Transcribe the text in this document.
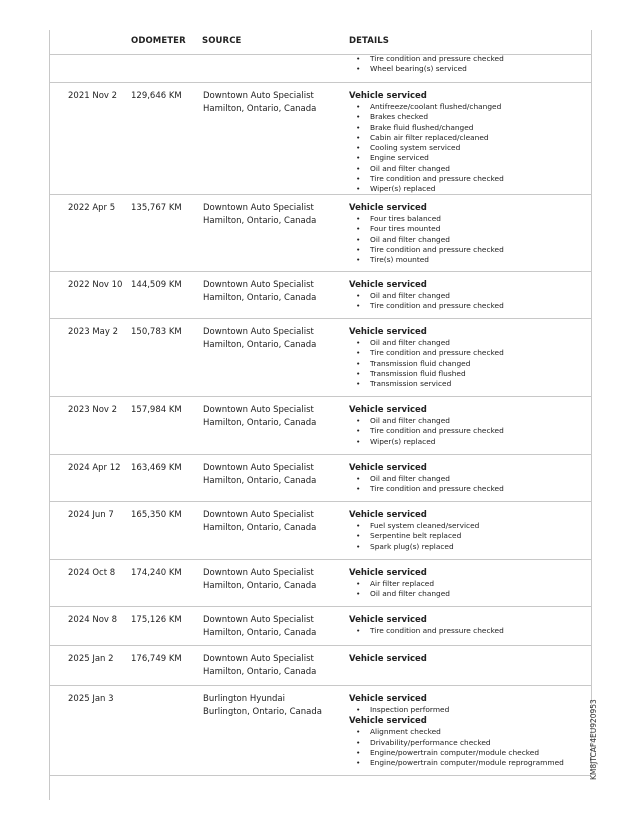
ODOMETER SOURCE	DETAILS
• Tire condition and pressure checked
• Wheel bearing(s) serviced
2021 Nov 2 129,646 KM Downtown Auto Specialist
Hamilton, Ontario, Canada
Vehicle serviced
• Antifreeze/coolant flushed/changed
• Brakes checked
• Brake fluid flushed/changed
• Cabin air filter replaced/cleaned
• Cooling system serviced
• Engine serviced
• Oil and filter changed
• Tire condition and pressure checked
• Wiper(s) replaced
2022 Apr 5 135,767 KM Downtown Auto Specialist
Hamilton, Ontario, Canada
Vehicle serviced
• Four tires balanced
• Four tires mounted
• Oil and filter changed
• Tire condition and pressure checked
• Tire(s) mounted
2022 Nov 10 144,509 KM Downtown Auto Specialist
Hamilton, Ontario, Canada
Vehicle serviced
• Oil and filter changed
• Tire condition and pressure checked
2023 May 2 150,783 KM Downtown Auto Specialist
Hamilton, Ontario, Canada
Vehicle serviced
• Oil and filter changed
• Tire condition and pressure checked
• Transmission fluid changed
• Transmission fluid flushed
• Transmission serviced
2023 Nov 2 157,984 KM Downtown Auto Specialist
Hamilton, Ontario, Canada
Vehicle serviced
• Oil and filter changed
• Tire condition and pressure checked
• Wiper(s) replaced
2024 Apr 12 163,469 KM Downtown Auto Specialist
Hamilton, Ontario, Canada
Vehicle serviced
• Oil and filter changed
• Tire condition and pressure checked
2024 Jun 7 165,350 KM Downtown Auto Specialist
Hamilton, Ontario, Canada
Vehicle serviced
• Fuel system cleaned/serviced
• Serpentine belt replaced
• Spark plug(s) replaced
2024 Oct 8 174,240 KM Downtown Auto Specialist
Hamilton, Ontario, Canada
Vehicle serviced
• Air filter replaced
• Oil and filter changed
2024 Nov 8 175,126 KM Downtown Auto Specialist
Hamilton, Ontario, Canada
Vehicle serviced
• Tire condition and pressure checked
2025 Jan 2 176,749 KM Downtown Auto Specialist
Hamilton, Ontario, Canada
Vehicle serviced
2025 Jan 3	Burlington Hyundai
Burlington, Ontario, Canada
Vehicle serviced
• Inspection performed
Vehicle serviced
• Alignment checked
• Drivability/performance checked
• Engine/powertrain computer/module checked
• Engine/powertrain computer/module reprogrammed	KM8JTCAF4EU920953
